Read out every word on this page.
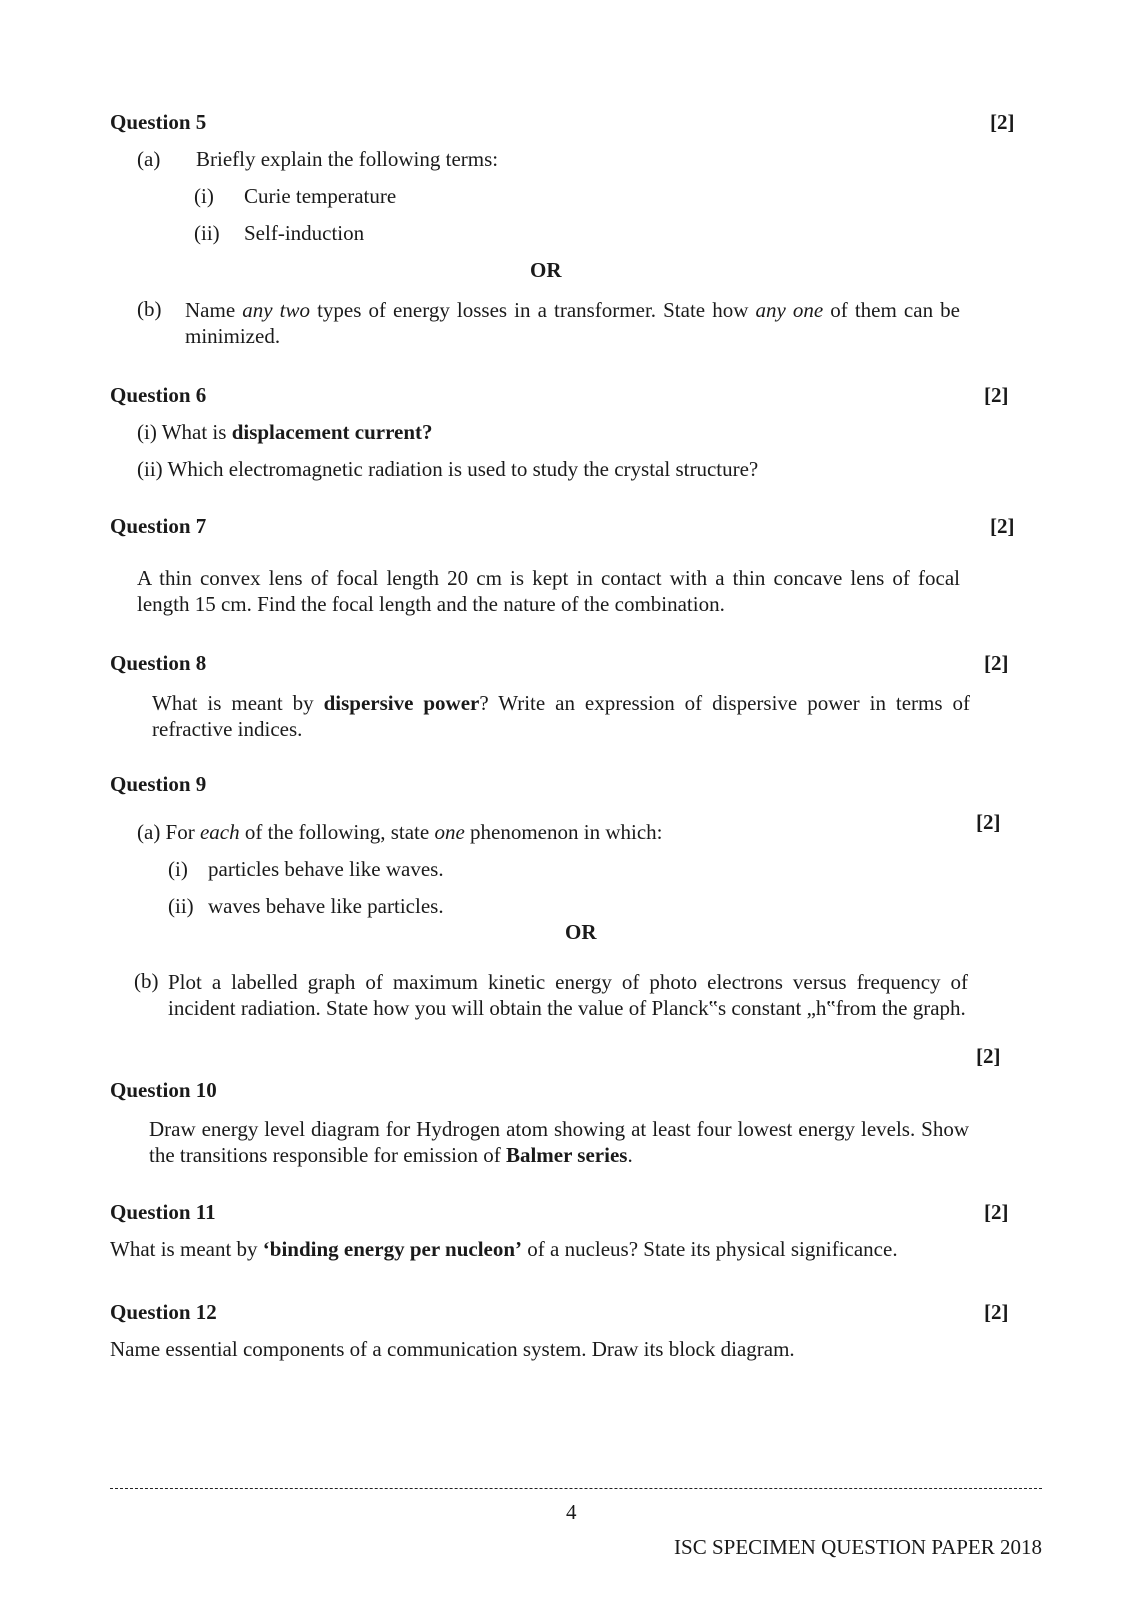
Question 5	[2]
(a) Briefly explain the following terms:
(i) Curie temperature
(ii) Self-induction
OR
(b) Name any two types of energy losses in a transformer. State how any one of them can be minimized.
Question 6	[2]
(i) What is displacement current?
(ii) Which electromagnetic radiation is used to study the crystal structure?
Question 7	[2]
A thin convex lens of focal length 20 cm is kept in contact with a thin concave lens of focal length 15 cm. Find the focal length and the nature of the combination.
Question 8	[2]
What is meant by dispersive power? Write an expression of dispersive power in terms of refractive indices.
Question 9
[2]
(a) For each of the following, state one phenomenon in which:
(i) particles behave like waves.
(ii) waves behave like particles.
OR
(b) Plot a labelled graph of maximum kinetic energy of photo electrons versus frequency of incident radiation. State how you will obtain the value of Planck‟s constant „h‟from the graph.
[2]
Question 10
Draw energy level diagram for Hydrogen atom showing at least four lowest energy levels. Show the transitions responsible for emission of Balmer series.
Question 11	[2]
What is meant by ‘binding energy per nucleon’ of a nucleus? State its physical significance.
Question 12	[2]
Name essential components of a communication system. Draw its block diagram.
4
ISC SPECIMEN QUESTION PAPER 2018
